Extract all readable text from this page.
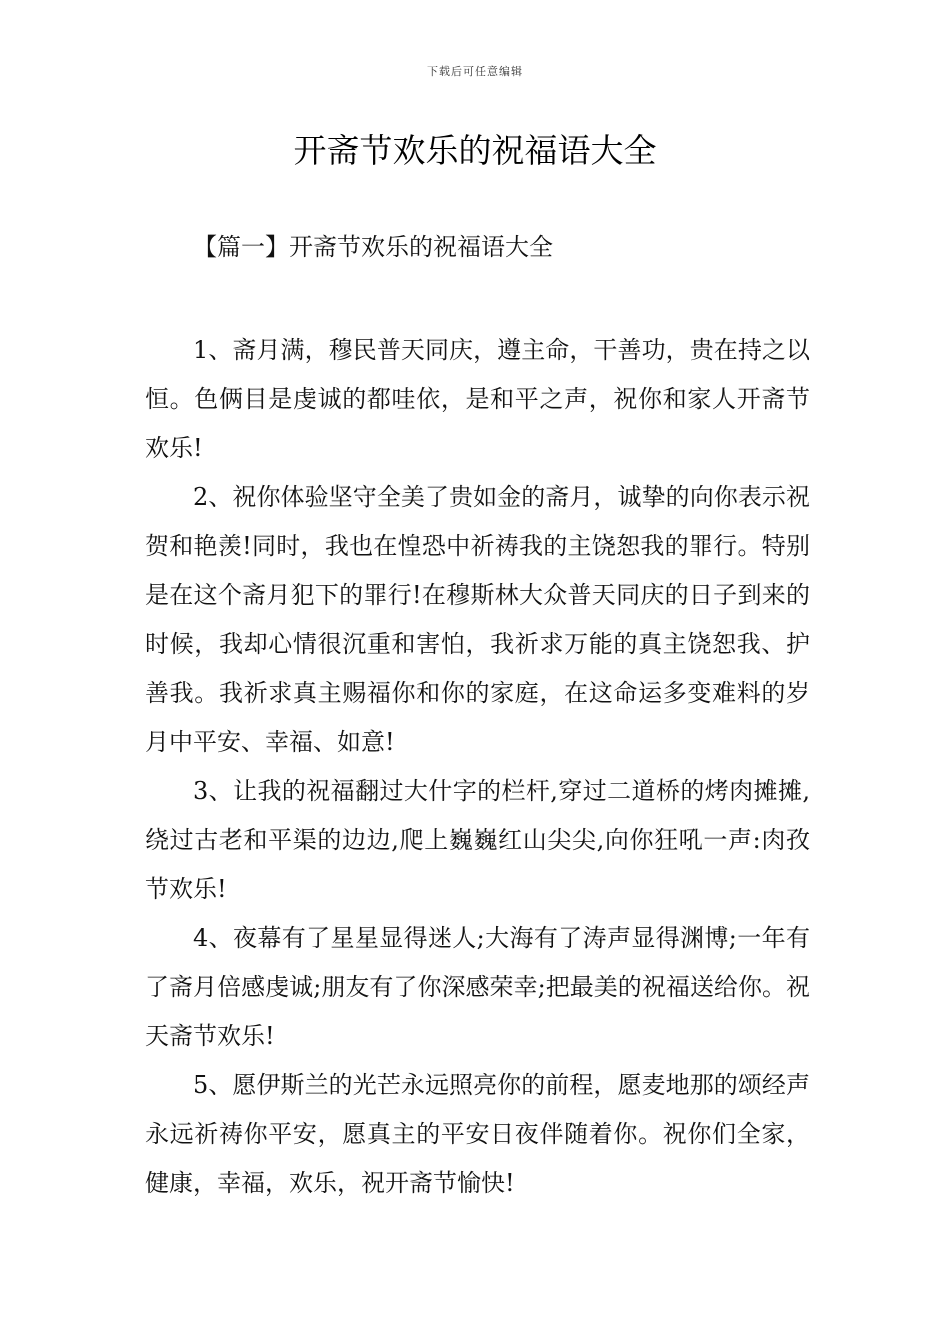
下载后可任意编辑
开斋节欢乐的祝福语大全
【篇一】开斋节欢乐的祝福语大全

1、斋月满，穆民普天同庆，遵主命，干善功，贵在持之以恒。色俩目是虔诚的都哇依，是和平之声，祝你和家人开斋节欢乐!

2、祝你体验坚守全美了贵如金的斋月，诚挚的向你表示祝贺和艳羡!同时，我也在惶恐中祈祷我的主饶恕我的罪行。特别是在这个斋月犯下的罪行!在穆斯林大众普天同庆的日子到来的时候，我却心情很沉重和害怕，我祈求万能的真主饶恕我、护善我。我祈求真主赐福你和你的家庭，在这命运多变难料的岁月中平安、幸福、如意!

3、让我的祝福翻过大什字的栏杆,穿过二道桥的烤肉摊摊,绕过古老和平渠的边边,爬上巍巍红山尖尖,向你狂吼一声:肉孜节欢乐!

4、夜幕有了星星显得迷人;大海有了涛声显得渊博;一年有了斋月倍感虔诚;朋友有了你深感荣幸;把最美的祝福送给你。祝天斋节欢乐!

5、愿伊斯兰的光芒永远照亮你的前程，愿麦地那的颂经声永远祈祷你平安，愿真主的平安日夜伴随着你。祝你们全家，健康，幸福，欢乐，祝开斋节愉快!
